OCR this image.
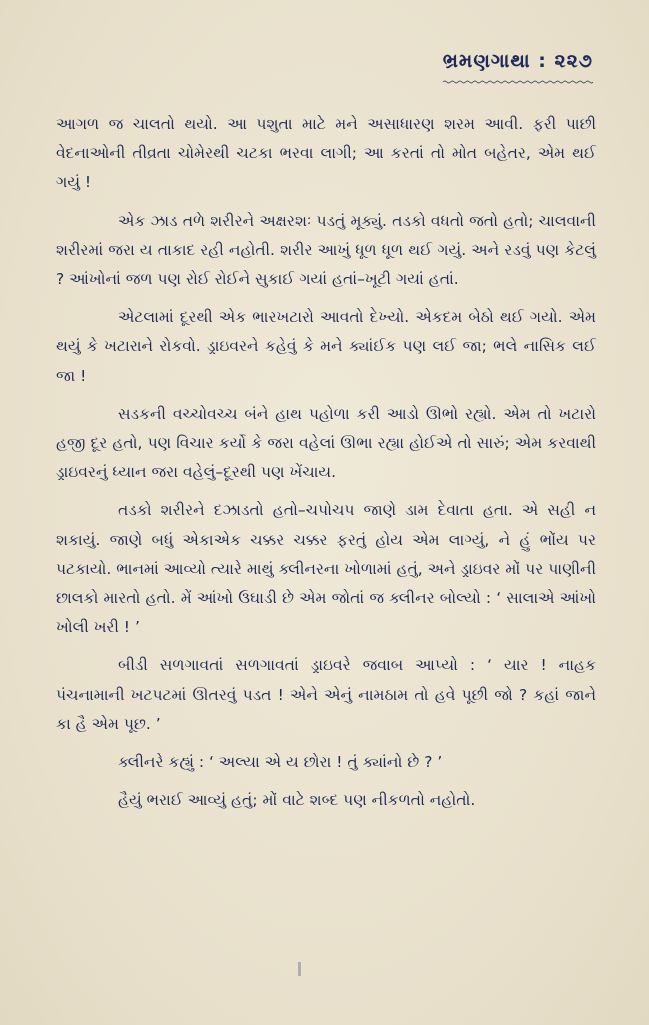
ભ્રમણગાથા : ૨૨૭

આગળ જ ચાલતો થયો. આ પશુતા માટે મને અસાધારણ શરમ આવી. ફરી પાછી વેદનાઓની તીવ્રતા ચોમેરથી ચટકા ભરવા લાગી; આ કરતાં તો મોત બહેતર, એમ થઈ ગયું !

એક ઝાડ તળે શરીરને અક્ષરશઃ પડતું મૂક્યું. તડકો વધતો જતો હતો; ચાલવાની શરીરમાં જરા ય તાકાદ રહી નહોતી. શરીર આખું ધૂળ ધૂળ થઈ ગયું. અને રડવું પણ કેટલું ? આંખોનાં જળ પણ રોઈ રોઈને સુકાઈ ગયાં હતાં–ખૂટી ગયાં હતાં.

એટલામાં દૂરથી એક ભારખટારો આવતો દેખ્યો. એકદમ બેઠો થઈ ગયો. એમ થયું કે ખટારાને રોકવો. ડ્રાઇવરને કહેવું કે મને ક્યાંઈક પણ લઈ જા; ભલે નાસિક લઈ જા !

સડકની વચ્ચોવચ્ચ બંને હાથ પહોળા કરી આડો ઊભો રહ્યો. એમ તો ખટારો હજી દૂર હતો, પણ વિચાર કર્યો કે જરા વહેલાં ઊભા રહ્યા હોઈએ તો સારું; એમ કરવાથી ડ્રાઇવરનું ધ્યાન જરા વહેલું–દૂરથી પણ ખેંચાય.

તડકો શરીરને દઝાડતો હતો–ચપોચપ જાણે ડામ દેવાતા હતા. એ સહી ન શકાયું. જાણે બધું એકાએક ચક્કર ચક્કર ફરતું હોય એમ લાગ્યું, ને હું ભોંય પર પટકાયો. ભાનમાં આવ્યો ત્યારે માથું ક્લીનરના ખોળામાં હતું, અને ડ્રાઇવર મોં પર પાણીની છાલકો મારતો હતો. મેં આંખો ઉઘાડી છે એમ જોતાં જ ક્લીનર બોલ્યો : ‘ સાલાએ આંખો ખોલી ખરી ! ’

બીડી સળગાવતાં સળગાવતાં ડ્રાઇવરે જવાબ આપ્યો : ‘ યાર ! નાહક પંચનામાની ખટપટમાં ઊતરવું પડત ! એને એનું નામઠામ તો હવે પૂછી જો ? કહાં જાને કા હૈ એમ પૂછ. ’

ક્લીનરે કહ્યું : ‘ અલ્યા એ ય છોરા ! તું ક્યાંનો છે ? ’

હૈયું ભરાઈ આવ્યું હતું; મોં વાટે શબ્દ પણ નીકળતો નહોતો.
